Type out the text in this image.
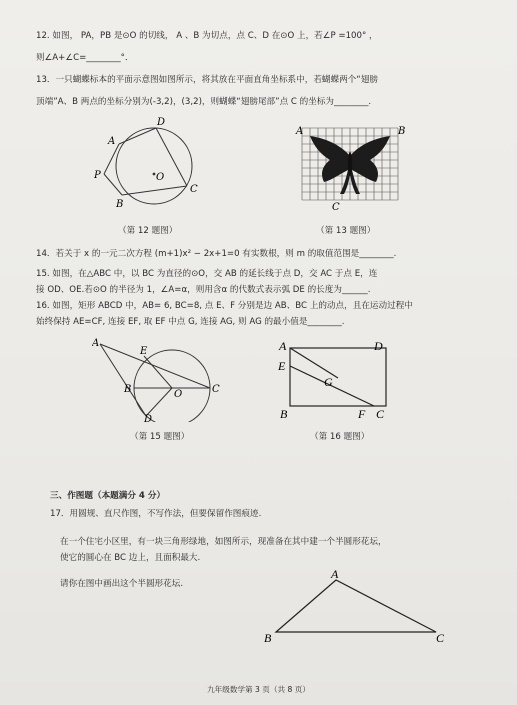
12. 如图， PA，PB 是⊙O 的切线， A 、B 为切点，点 C、D 在⊙O 上，若∠P =100° ，
则∠A+∠C=________°．
13．一只蝴蝶标本的平面示意图如图所示，将其放在平面直角坐标系中，若蝴蝶两个“翅膀
顶端”A、B 两点的坐标分别为(-3,2)，(3,2)，则蝴蝶“翅膀尾部”点 C 的坐标为________.
A
D
C
B
P	O
A	B
C
（第 12 题图）	（第 13 题图）
14．若关于 x 的一元二次方程 (m+1)x² − 2x+1=0 有实数根，则 m 的取值范围是________.
15. 如图，在△ABC 中，以 BC 为直径的⊙O，交 AB 的延长线于点 D，交 AC 于点 E，连
接 OD、OE.若⊙O 的半径为 1，∠A=α，则用含α 的代数式表示弧 DE 的长度为______.
16. 如图，矩形 ABCD 中，AB= 6, BC=8, 点 E、F 分别是边 AB、BC 上的动点，且在运动过程中
始终保持 AE=CF, 连接 EF, 取 EF 中点 G, 连接 AG, 则 AG 的最小值是________.
A
E
B	O	C
D
A	D
E
G
B	F C
（第 15 题图）	（第 16 题图）
三、作图题（本题满分 4 分）
17．用圆规、直尺作图，不写作法，但要保留作图痕迹.
在一个住宅小区里，有一块三角形绿地，如图所示，现准备在其中建一个半圆形花坛，
使它的圆心在 BC 边上，且面积最大.
请你在图中画出这个半圆形花坛.
A
B	C
九年级数学第 3 页（共 8 页）
